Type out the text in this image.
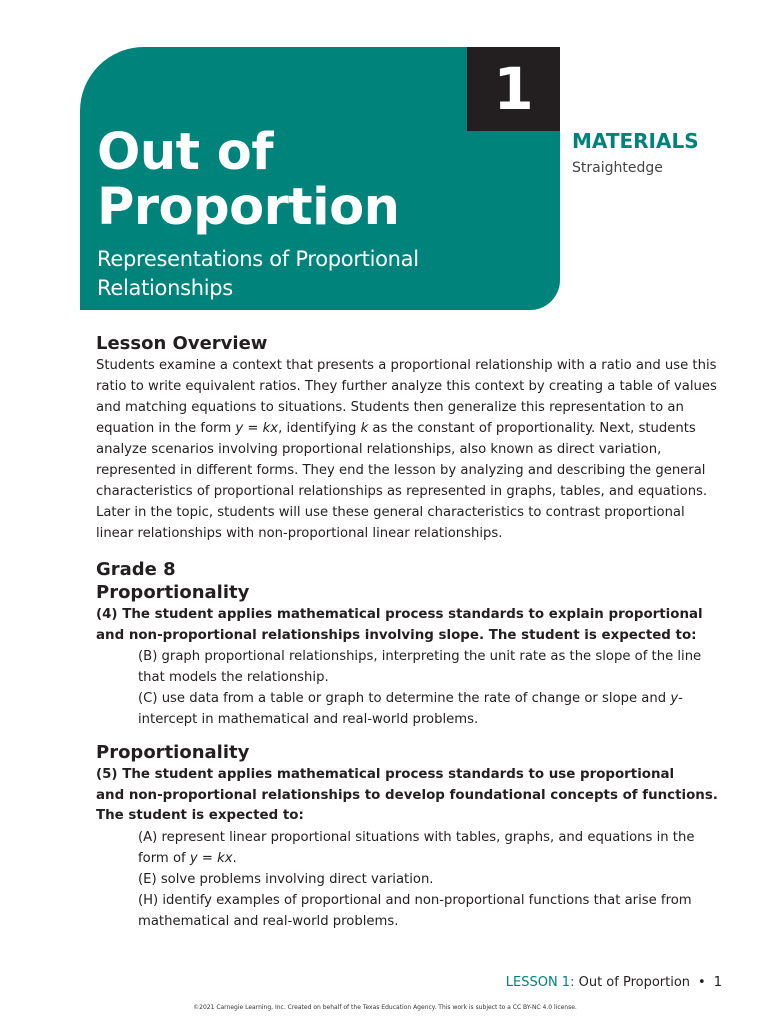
Out of
Proportion
Representations of Proportional Relationships
1
MATERIALS
Straightedge
Lesson Overview

Students examine a context that presents a proportional relationship with a ratio and use this ratio to write equivalent ratios. They further analyze this context by creating a table of values and matching equations to situations. Students then generalize this representation to an equation in the form y = kx, identifying k as the constant of proportionality. Next, students analyze scenarios involving proportional relationships, also known as direct variation, represented in different forms. They end the lesson by analyzing and describing the general characteristics of proportional relationships as represented in graphs, tables, and equations. Later in the topic, students will use these general characteristics to contrast proportional linear relationships with non-proportional linear relationships.

Grade 8
Proportionality
(4) The student applies mathematical process standards to explain proportional
and non-proportional relationships involving slope. The student is expected to:

(B) graph proportional relationships, interpreting the unit rate as the slope of the line that models the relationship.

(C) use data from a table or graph to determine the rate of change or slope and y-intercept in mathematical and real-world problems.

Proportionality
(5) The student applies mathematical process standards to use proportional
and non-proportional relationships to develop foundational concepts of functions.
The student is expected to:

(A) represent linear proportional situations with tables, graphs, and equations in the form of y = kx.

(E) solve problems involving direct variation.

(H) identify examples of proportional and non-proportional functions that arise from mathematical and real-world problems.

LESSON 1: Out of Proportion • 1
©2021 Carnegie Learning, Inc. Created on behalf of the Texas Education Agency. This work is subject to a CC BY-NC 4.0 license.
